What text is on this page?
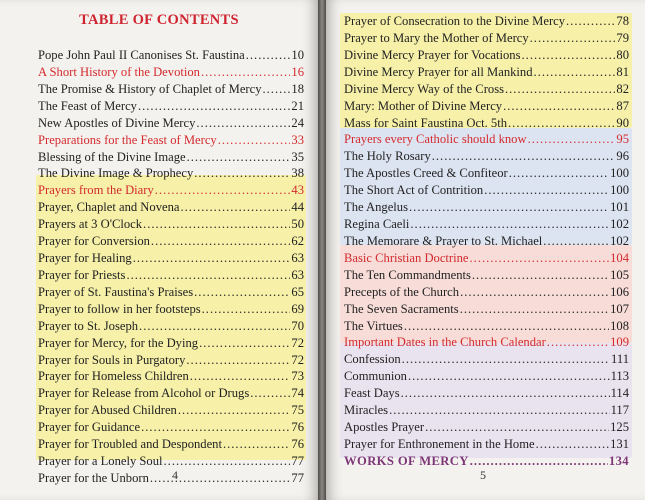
TABLE OF CONTENTS
Pope John Paul II Canonises St. Faustina .....	10
A Short History of the Devotion .....	16
The Promise & History of Chaplet of Mercy ..... 18
The Feast of Mercy .....	21
New Apostles of Divine Mercy .....	24
Preparations for the Feast of Mercy .....	33
Blessing of the Divine Image .....	35
The Divine Image & Prophecy .....	38
Prayers from the Diary .....	43
Prayer, Chaplet and Novena .....	44
Prayers at 3 O'Clock .....	50
Prayer for Conversion .....	62
Prayer for Healing .....	63
Prayer for Priests .....	63
Prayer of St. Faustina's Praises .....	65
Prayer to follow in her footsteps .....	69
Prayer to St. Joseph .....	70
Prayer for Mercy, for the Dying .....	72
Prayer for Souls in Purgatory .....	72
Prayer for Homeless Children .....	73
Prayer for Release from Alcohol or Drugs .....	74
Prayer for Abused Children .....	75
Prayer for Guidance .....	76
Prayer for Troubled and Despondent .....	76
Prayer for a Lonely Soul .....	77
Prayer for the Unborn .....	77
4
Prayer of Consecration to the Divine Mercy .....	78
Prayer to Mary the Mother of Mercy .....	79
Divine Mercy Prayer for Vocations .....	80
Divine Mercy Prayer for all Mankind .....	81
Divine Mercy Way of the Cross .....	82
Mary: Mother of Divine Mercy .....	87
Mass for Saint Faustina Oct. 5th .....	90
Prayers every Catholic should know .....	95
The Holy Rosary .....	96
The Apostles Creed & Confiteor .....	100
The Short Act of Contrition .....	100
The Angelus .....	101
Regina Caeli .....	102
The Memorare & Prayer to St. Michael .....	102
Basic Christian Doctrine .....	104
The Ten Commandments .....	105
Precepts of the Church .....	106
The Seven Sacraments .....	107
The Virtues .....	108
Important Dates in the Church Calendar .....	109
Confession .....	111
Communion .....	113
Feast Days .....	114
Miracles .....	117
Apostles Prayer .....	125
Prayer for Enthronement in the Home .....	131
WORKS OF MERCY .....	134
5
